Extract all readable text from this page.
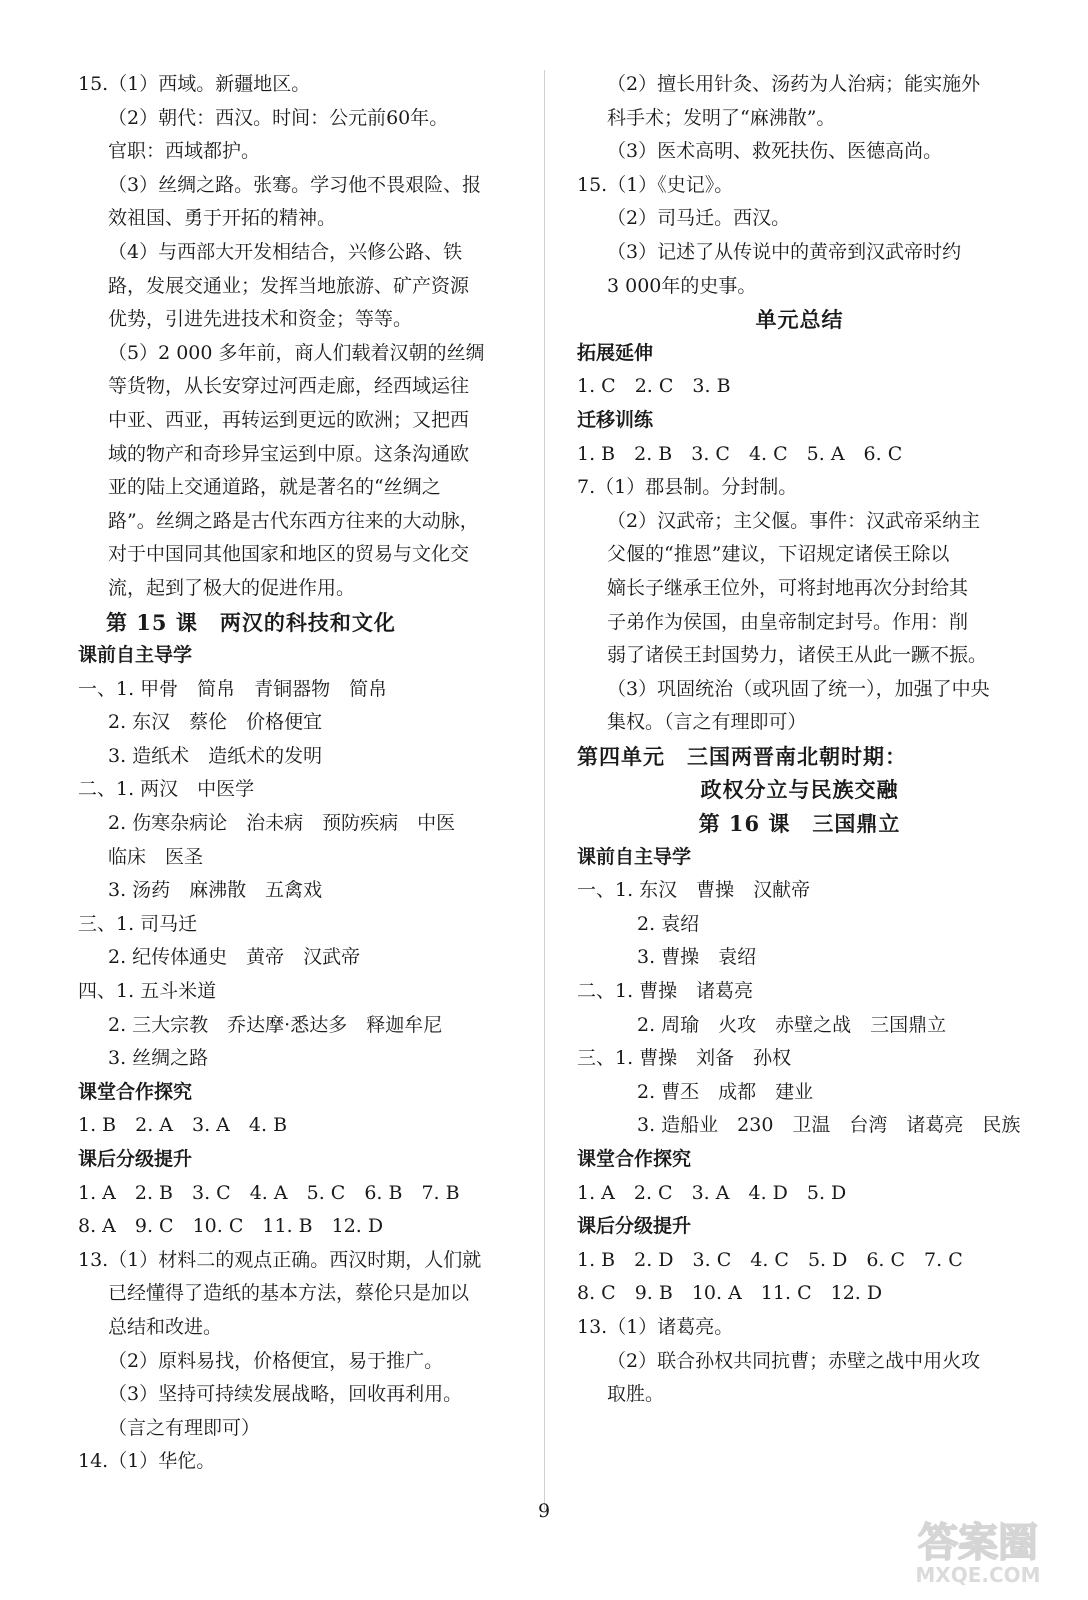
15.（1）西域。新疆地区。
（2）朝代：西汉。时间：公元前60年。
官职：西域都护。
（3）丝绸之路。张骞。学习他不畏艰险、报
效祖国、勇于开拓的精神。
（4）与西部大开发相结合，兴修公路、铁
路，发展交通业；发挥当地旅游、矿产资源
优势，引进先进技术和资金；等等。
（5）2 000 多年前，商人们载着汉朝的丝绸
等货物，从长安穿过河西走廊，经西域运往
中亚、西亚，再转运到更远的欧洲；又把西
域的物产和奇珍异宝运到中原。这条沟通欧
亚的陆上交通道路，就是著名的“丝绸之
路”。丝绸之路是古代东西方往来的大动脉，
对于中国同其他国家和地区的贸易与文化交
流，起到了极大的促进作用。
第 15 课　两汉的科技和文化
课前自主导学
一、1. 甲骨　简帛　青铜器物　简帛
2. 东汉　蔡伦　价格便宜
3. 造纸术　造纸术的发明
二、1. 两汉　中医学
2. 伤寒杂病论　治未病　预防疾病　中医
临床　医圣
3. 汤药　麻沸散　五禽戏
三、1. 司马迁
2. 纪传体通史　黄帝　汉武帝
四、1. 五斗米道
2. 三大宗教　乔达摩·悉达多　释迦牟尼
3. 丝绸之路
课堂合作探究
1. B　2. A　3. A　4. B
课后分级提升
1. A　2. B　3. C　4. A　5. C　6. B　7. B
8. A　9. C　10. C　11. B　12. D
13.（1）材料二的观点正确。西汉时期，人们就
已经懂得了造纸的基本方法，蔡伦只是加以
总结和改进。
（2）原料易找，价格便宜，易于推广。
（3）坚持可持续发展战略，回收再利用。
（言之有理即可）
14.（1）华佗。
（2）擅长用针灸、汤药为人治病；能实施外
科手术；发明了“麻沸散”。
（3）医术高明、救死扶伤、医德高尚。
15.（1）《史记》。
（2）司马迁。西汉。
（3）记述了从传说中的黄帝到汉武帝时约
3 000年的史事。
单元总结
拓展延伸
1. C　2. C　3. B
迁移训练
1. B　2. B　3. C　4. C　5. A　6. C
7.（1）郡县制。分封制。
（2）汉武帝；主父偃。事件：汉武帝采纳主
父偃的“推恩”建议，下诏规定诸侯王除以
嫡长子继承王位外，可将封地再次分封给其
子弟作为侯国，由皇帝制定封号。作用：削
弱了诸侯王封国势力，诸侯王从此一蹶不振。
（3）巩固统治（或巩固了统一），加强了中央
集权。（言之有理即可）
第四单元　三国两晋南北朝时期：
政权分立与民族交融
第 16 课　三国鼎立
课前自主导学
一、1. 东汉　曹操　汉献帝
2. 袁绍
3. 曹操　袁绍
二、1. 曹操　诸葛亮
2. 周瑜　火攻　赤壁之战　三国鼎立
三、1. 曹操　刘备　孙权
2. 曹丕　成都　建业
3. 造船业　230　卫温　台湾　诸葛亮　民族
课堂合作探究
1. A　2. C　3. A　4. D　5. D
课后分级提升
1. B　2. D　3. C　4. C　5. D　6. C　7. C
8. C　9. B　10. A　11. C　12. D
13.（1）诸葛亮。
（2）联合孙权共同抗曹；赤壁之战中用火攻
取胜。
9
答案圈
MXQE.COM
